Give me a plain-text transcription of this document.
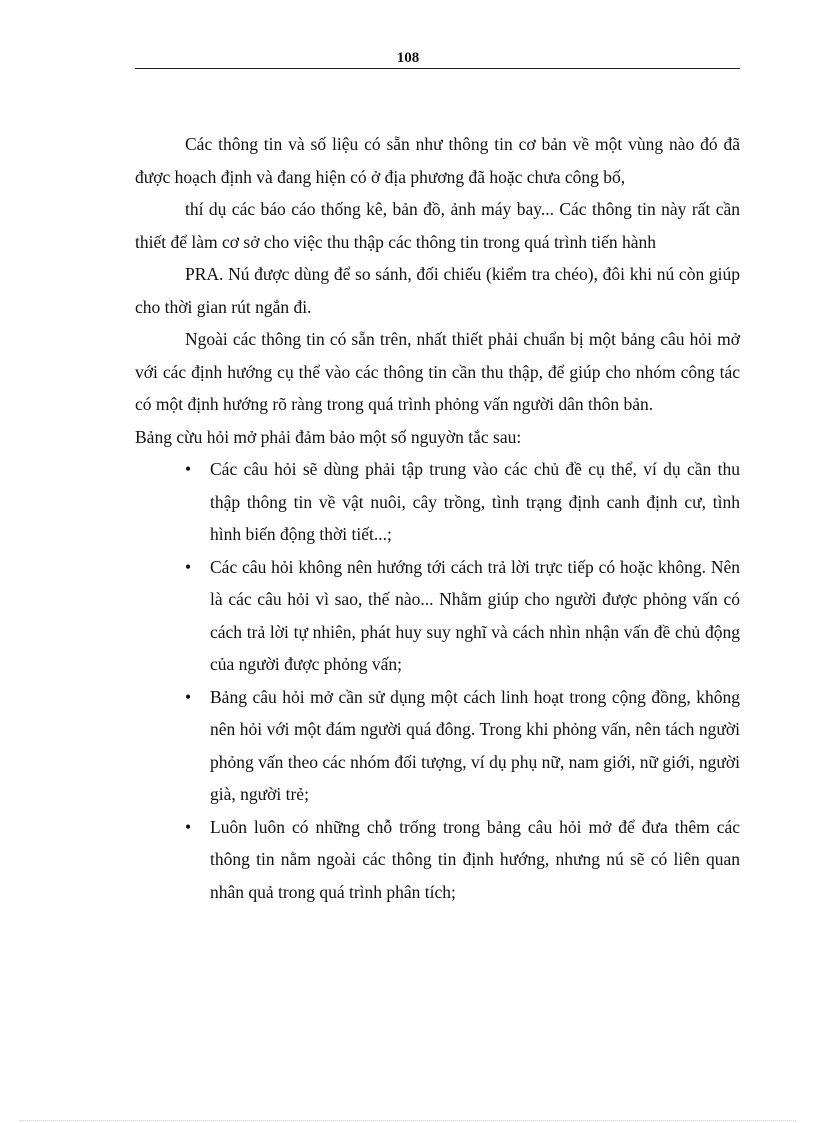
108

Các thông tin và số liệu có sẵn như thông tin cơ bản về một vùng nào đó đã được hoạch định và đang hiện có ở địa phương đã hoặc chưa công bố,

thí dụ các báo cáo thống kê, bản đồ, ảnh máy bay... Các thông tin này rất cần thiết để làm cơ sở cho việc thu thập các thông tin trong quá trình tiến hành

PRA. Nú được dùng để so sánh, đối chiếu (kiểm tra chéo), đôi khi nú còn giúp cho thời gian rút ngắn đi.

Ngoài các thông tin có sẵn trên, nhất thiết phải chuẩn bị một bảng câu hỏi mở với các định hướng cụ thể vào các thông tin cần thu thập, để giúp cho nhóm công tác có một định hướng rõ ràng trong quá trình phỏng vấn người dân thôn bản.

Bảng cừu hỏi mở phải đảm bảo một số nguyờn tắc sau:

• Các câu hỏi sẽ dùng phải tập trung vào các chủ đề cụ thể, ví dụ cần thu thập thông tin về vật nuôi, cây trồng, tình trạng định canh định cư, tình hình biến động thời tiết...;
• Các câu hỏi không nên hướng tới cách trả lời trực tiếp có hoặc không. Nên là các câu hỏi vì sao, thế nào... Nhằm giúp cho người được phỏng vấn có cách trả lời tự nhiên, phát huy suy nghĩ và cách nhìn nhận vấn đề chủ động của người được phỏng vấn;
• Bảng câu hỏi mở cần sử dụng một cách linh hoạt trong cộng đồng, không nên hỏi với một đám người quá đông. Trong khi phỏng vấn, nên tách người phỏng vấn theo các nhóm đối tượng, ví dụ phụ nữ, nam giới, nữ giới, người già, người trẻ;
• Luôn luôn có những chỗ trống trong bảng câu hỏi mở để đưa thêm các thông tin nằm ngoài các thông tin định hướng, nhưng nú sẽ có liên quan nhân quả trong quá trình phân tích;
